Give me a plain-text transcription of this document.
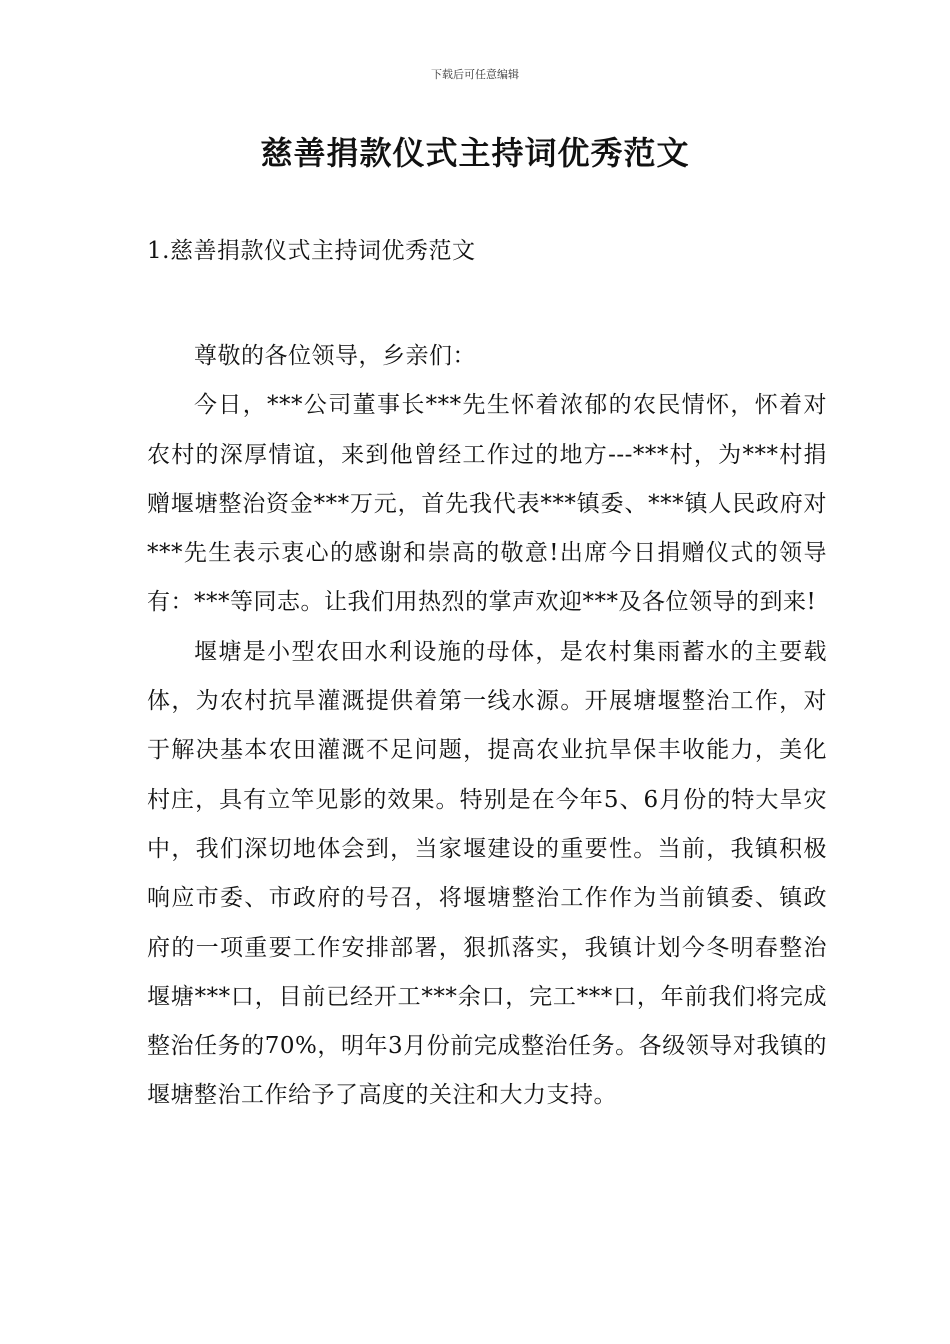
下载后可任意编辑
慈善捐款仪式主持词优秀范文
1.慈善捐款仪式主持词优秀范文

尊敬的各位领导，乡亲们：

今日，***公司董事长***先生怀着浓郁的农民情怀，怀着对农村的深厚情谊，来到他曾经工作过的地方---***村，为***村捐赠堰塘整治资金***万元，首先我代表***镇委、***镇人民政府对***先生表示衷心的感谢和崇高的敬意!出席今日捐赠仪式的领导有：***等同志。让我们用热烈的掌声欢迎***及各位领导的到来!

堰塘是小型农田水利设施的母体，是农村集雨蓄水的主要载体，为农村抗旱灌溉提供着第一线水源。开展塘堰整治工作，对于解决基本农田灌溉不足问题，提高农业抗旱保丰收能力，美化村庄，具有立竿见影的效果。特别是在今年5、6月份的特大旱灾中，我们深切地体会到，当家堰建设的重要性。当前，我镇积极响应市委、市政府的号召，将堰塘整治工作作为当前镇委、镇政府的一项重要工作安排部署，狠抓落实，我镇计划今冬明春整治堰塘***口，目前已经开工***余口，完工***口，年前我们将完成整治任务的70%，明年3月份前完成整治任务。各级领导对我镇的堰塘整治工作给予了高度的关注和大力支持。
